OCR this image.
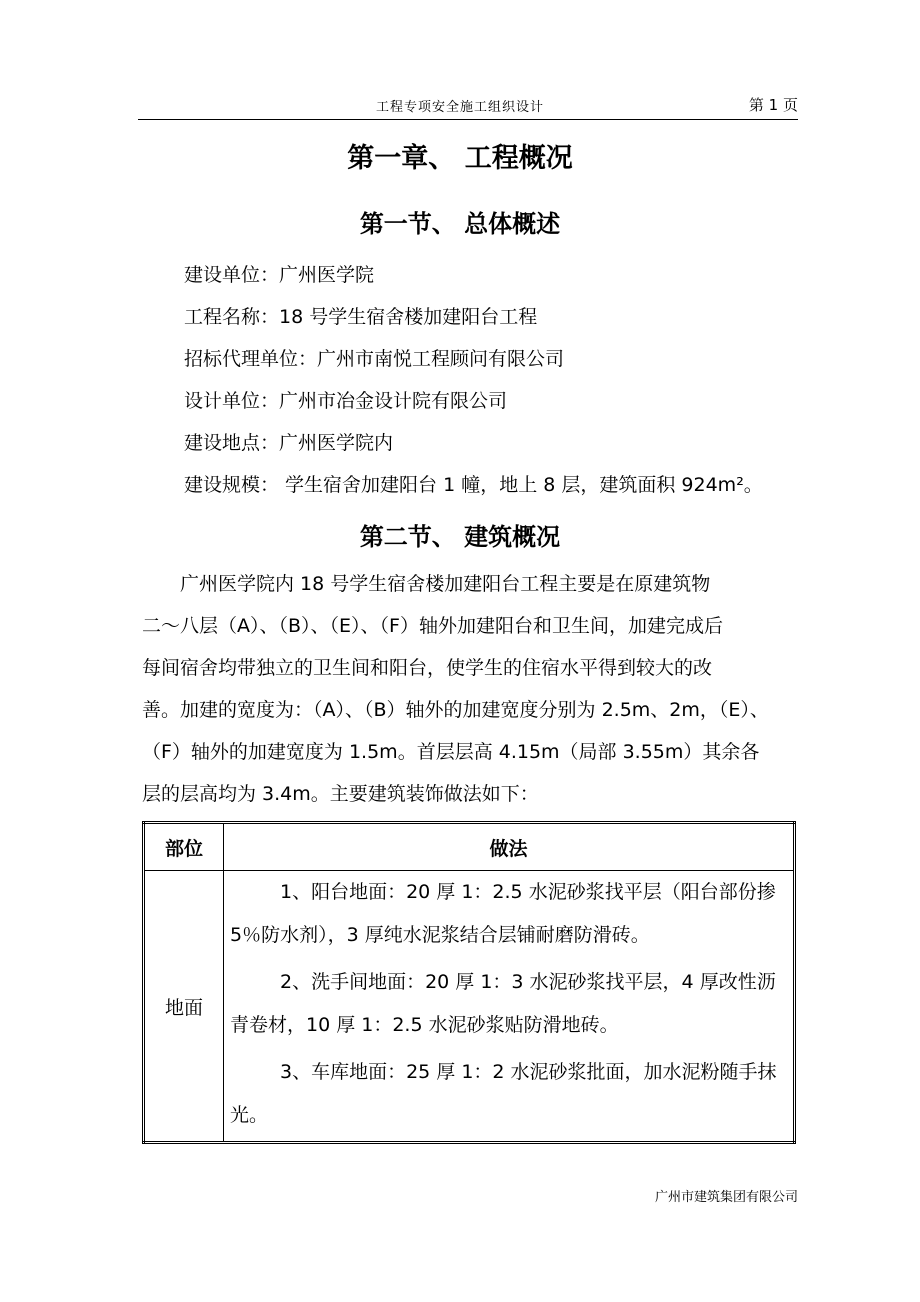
工程专项安全施工组织设计	第 1 页
第一章、 工程概况
第一节、 总体概述
建设单位：广州医学院
工程名称：18 号学生宿舍楼加建阳台工程
招标代理单位：广州市南悦工程顾问有限公司
设计单位：广州市冶金设计院有限公司
建设地点：广州医学院内
建设规模： 学生宿舍加建阳台 1 幢，地上 8 层，建筑面积 924m²。
第二节、 建筑概况
　　广州医学院内 18 号学生宿舍楼加建阳台工程主要是在原建筑物
二～八层（A）、（B）、（E）、（F）轴外加建阳台和卫生间，加建完成后
每间宿舍均带独立的卫生间和阳台，使学生的住宿水平得到较大的改
善。加建的宽度为：（A）、（B）轴外的加建宽度分别为 2.5m、2m，（E）、
（F）轴外的加建宽度为 1.5m。首层层高 4.15m（局部 3.55m）其余各
层的层高均为 3.4m。主要建筑装饰做法如下：
部位	做法
地面	1、阳台地面：20 厚 1：2.5 水泥砂浆找平层（阳台部份掺 5％防水剂），3 厚纯水泥浆结合层铺耐磨防滑砖。
2、洗手间地面：20 厚 1：3 水泥砂浆找平层，4 厚改性沥青卷材，10 厚 1：2.5 水泥砂浆贴防滑地砖。
3、车库地面：25 厚 1：2 水泥砂浆批面，加水泥粉随手抹光。
广州市建筑集团有限公司
